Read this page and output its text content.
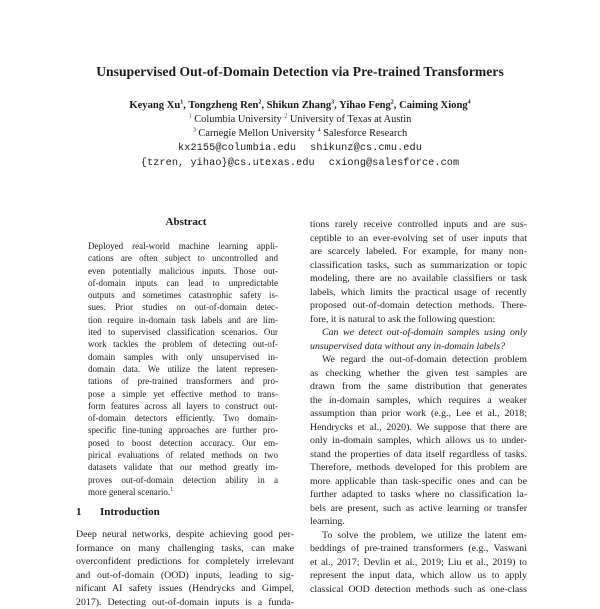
Unsupervised Out-of-Domain Detection via Pre-trained Transformers
Keyang Xu$^1$, Tongzheng Ren$^2$, Shikun Zhang$^3$, Yihao Feng$^2$, Caiming Xiong$^4$
$^1$ Columbia University $^2$ University of Texas at Austin
$^3$ Carnegie Mellon University $^4$ Salesforce Research
kx2155@columbia.edu shikunz@cs.cmu.edu
{tzren, yihao}@cs.utexas.edu cxiong@salesforce.com
Abstract
Deployed real-world machine learning appli-
cations are often subject to uncontrolled and
even potentially malicious inputs. Those out-
of-domain inputs can lead to unpredictable
outputs and sometimes catastrophic safety is-
sues. Prior studies on out-of-domain detec-
tion require in-domain task labels and are lim-
ited to supervised classification scenarios. Our
work tackles the problem of detecting out-of-
domain samples with only unsupervised in-
domain data. We utilize the latent represen-
tations of pre-trained transformers and pro-
pose a simple yet effective method to trans-
form features across all layers to construct out-
of-domain detectors efficiently. Two domain-
specific fine-tuning approaches are further pro-
posed to boost detection accuracy. Our em-
pirical evaluations of related methods on two
datasets validate that our method greatly im-
proves out-of-domain detection ability in a
more general scenario.$^1$
1 Introduction
Deep neural networks, despite achieving good per-
formance on many challenging tasks, can make
overconfident predictions for completely irrelevant
and out-of-domain (OOD) inputs, leading to sig-
nificant AI safety issues (Hendrycks and Gimpel,
2017). Detecting out-of-domain inputs is a funda-
tions rarely receive controlled inputs and are sus-
ceptible to an ever-evolving set of user inputs that
are scarcely labeled. For example, for many non-
classification tasks, such as summarization or topic
modeling, there are no available classifiers or task
labels, which limits the practical usage of recently
proposed out-of-domain detection methods. There-
fore, it is natural to ask the following question:
Can we detect out-of-domain samples using only
unsupervised data without any in-domain labels?
We regard the out-of-domain detection problem
as checking whether the given test samples are
drawn from the same distribution that generates
the in-domain samples, which requires a weaker
assumption than prior work (e.g., Lee et al., 2018;
Hendrycks et al., 2020). We suppose that there are
only in-domain samples, which allows us to under-
stand the properties of data itself regardless of tasks.
Therefore, methods developed for this problem are
more applicable than task-specific ones and can be
further adapted to tasks where no classification la-
bels are present, such as active learning or transfer
learning.
To solve the problem, we utilize the latent em-
beddings of pre-trained transformers (e.g., Vaswani
et al., 2017; Devlin et al., 2019; Liu et al., 2019) to
represent the input data, which allow us to apply
classical OOD detection methods such as one-class
